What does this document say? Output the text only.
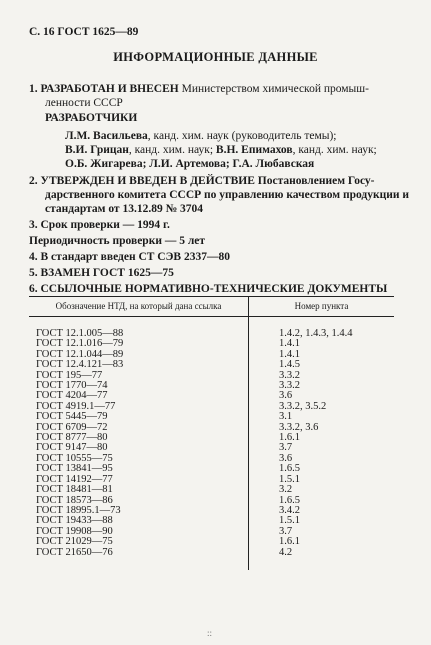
С. 16 ГОСТ 1625—89
ИНФОРМАЦИОННЫЕ ДАННЫЕ
1. РАЗРАБОТАН И ВНЕСЕН Министерством химической промыш-
ленности СССР
РАЗРАБОТЧИКИ
Л.М. Васильева, канд. хим. наук (руководитель темы);
В.И. Грицан, канд. хим. наук; В.Н. Епимахов, канд. хим. наук;
О.Б. Жигарева; Л.И. Артемова; Г.А. Любавская
2. УТВЕРЖДЕН И ВВЕДЕН В ДЕЙСТВИЕ Постановлением Госу-
дарственного комитета СССР по управлению качеством продукции и
стандартам от 13.12.89 № 3704
3. Срок проверки — 1994 г.
Периодичность проверки — 5 лет
4. В стандарт введен СТ СЭВ 2337—80
5. ВЗАМЕН ГОСТ 1625—75
6. ССЫЛОЧНЫЕ НОРМАТИВНО-ТЕХНИЧЕСКИЕ ДОКУМЕНТЫ
Обозначение НТД, на который дана ссылка	Номер пункта
ГОСТ 12.1.005—88	1.4.2, 1.4.3, 1.4.4
ГОСТ 12.1.016—79	1.4.1
ГОСТ 12.1.044—89	1.4.1
ГОСТ 12.4.121—83	1.4.5
ГОСТ 195—77	3.3.2
ГОСТ 1770—74	3.3.2
ГОСТ 4204—77	3.6
ГОСТ 4919.1—77	3.3.2, 3.5.2
ГОСТ 5445—79	3.1
ГОСТ 6709—72	3.3.2, 3.6
ГОСТ 8777—80	1.6.1
ГОСТ 9147—80	3.7
ГОСТ 10555—75	3.6
ГОСТ 13841—95	1.6.5
ГОСТ 14192—77	1.5.1
ГОСТ 18481—81	3.2
ГОСТ 18573—86	1.6.5
ГОСТ 18995.1—73	3.4.2
ГОСТ 19433—88	1.5.1
ГОСТ 19908—90	3.7
ГОСТ 21029—75	1.6.1
ГОСТ 21650—76	4.2
::
